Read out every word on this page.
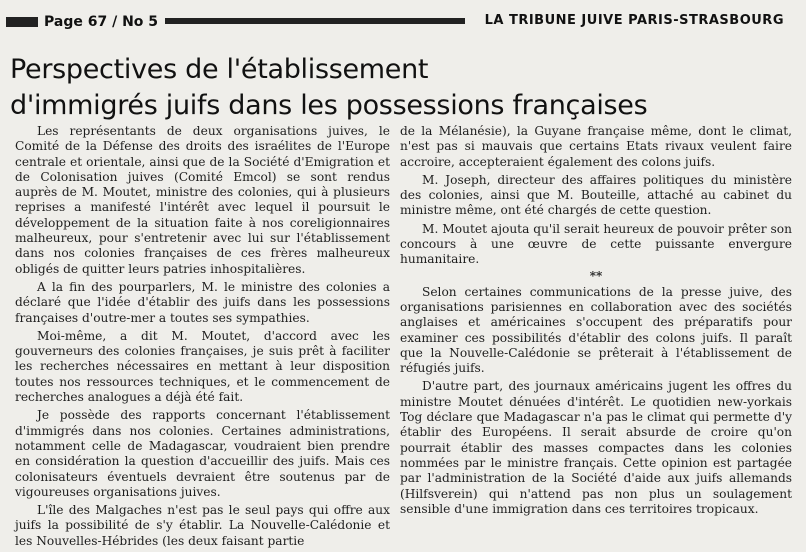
Page 67 / No 5	LA TRIBUNE JUIVE PARIS-STRASBOURG
Perspectives de l'établissement
d'immigrés juifs dans les possessions françaises

Les représentants de deux organisations juives, le Comité de la Défense des droits des israélites de l'Europe centrale et orientale, ainsi que de la Société d'Emigration et de Colonisation juives (Comité Emcol) se sont rendus auprès de M. Moutet, ministre des colonies, qui à plusieurs reprises a manifesté l'intérêt avec lequel il poursuit le développement de la situation faite à nos coreligionnaires malheureux, pour s'entretenir avec lui sur l'établissement dans nos colonies françaises de ces frères malheureux obligés de quitter leurs patries inhospitalières.

A la fin des pourparlers, M. le ministre des colonies a déclaré que l'idée d'établir des juifs dans les possessions françaises d'outre-mer a toutes ses sympathies.

Moi-même, a dit M. Moutet, d'accord avec les gouverneurs des colonies françaises, je suis prêt à faciliter les recherches nécessaires en mettant à leur disposition toutes nos ressources techniques, et le commencement de recherches analogues a déjà été fait.

Je possède des rapports concernant l'établissement d'immigrés dans nos colonies. Certaines administrations, notamment celle de Madagascar, voudraient bien prendre en considération la question d'accueillir des juifs. Mais ces colonisateurs éventuels devraient être soutenus par de vigoureuses organisations juives.

L'île des Malgaches n'est pas le seul pays qui offre aux juifs la possibilité de s'y établir. La Nouvelle-Calédonie et les Nouvelles-Hébrides (les deux faisant partie

de la Mélanésie), la Guyane française même, dont le climat, n'est pas si mauvais que certains Etats rivaux veulent faire accroire, accepteraient également des colons juifs.

M. Joseph, directeur des affaires politiques du ministère des colonies, ainsi que M. Bouteille, attaché au cabinet du ministre même, ont été chargés de cette question.

M. Moutet ajouta qu'il serait heureux de pouvoir prêter son concours à une œuvre de cette puissante envergure humanitaire.

**

Selon certaines communications de la presse juive, des organisations parisiennes en collaboration avec des sociétés anglaises et américaines s'occupent des préparatifs pour examiner ces possibilités d'établir des colons juifs. Il paraît que la Nouvelle-Calédonie se prêterait à l'établissement de réfugiés juifs.

D'autre part, des journaux américains jugent les offres du ministre Moutet dénuées d'intérêt. Le quotidien new-yorkais Tog déclare que Madagascar n'a pas le climat qui permette d'y établir des Européens. Il serait absurde de croire qu'on pourrait établir des masses compactes dans les colonies nommées par le ministre français. Cette opinion est partagée par l'administration de la Société d'aide aux juifs allemands (Hilfsverein) qui n'attend pas non plus un soulagement sensible d'une immigration dans ces territoires tropicaux.
